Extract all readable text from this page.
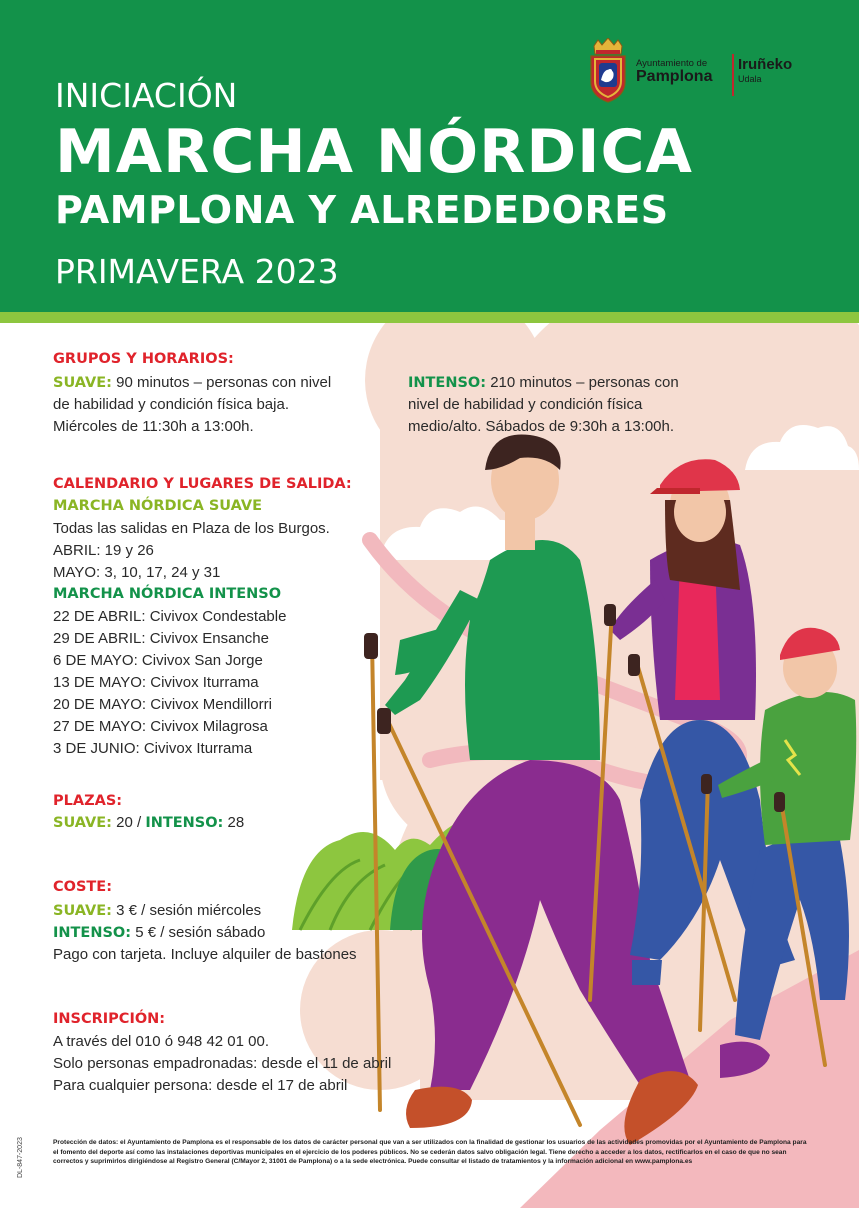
INICIACIÓN
MARCHA NÓRDICA
PAMPLONA Y ALREDEDORES
PRIMAVERA 2023
Ayuntamiento de
Pamplona
Iruñeko
Udala
GRUPOS Y HORARIOS:
SUAVE: 90 minutos – personas con nivel
de habilidad y condición física baja.
Miércoles de 11:30h a 13:00h.
INTENSO: 210 minutos – personas con
nivel de habilidad y condición física
medio/alto. Sábados de 9:30h a 13:00h.
CALENDARIO Y LUGARES DE SALIDA:
MARCHA NÓRDICA SUAVE
Todas las salidas en Plaza de los Burgos.
ABRIL: 19 y 26
MAYO: 3, 10, 17, 24 y 31
MARCHA NÓRDICA INTENSO
22 DE ABRIL: Civivox Condestable
29 DE ABRIL: Civivox Ensanche
6 DE MAYO: Civivox San Jorge
13 DE MAYO: Civivox Iturrama
20 DE MAYO: Civivox Mendillorri
27 DE MAYO: Civivox Milagrosa
3 DE JUNIO: Civivox Iturrama
PLAZAS:
SUAVE: 20 / INTENSO: 28
COSTE:
SUAVE: 3 € / sesión miércoles
INTENSO: 5 € / sesión sábado
Pago con tarjeta. Incluye alquiler de bastones
INSCRIPCIÓN:
A través del 010 ó 948 42 01 00.
Solo personas empadronadas: desde el 11 de abril
Para cualquier persona: desde el 17 de abril
Protección de datos: el Ayuntamiento de Pamplona es el responsable de los datos de carácter personal que van a ser utilizados con la finalidad de gestionar los usuarios de las actividades promovidas por el Ayuntamiento de Pamplona para el fomento del deporte así como las instalaciones deportivas municipales en el ejercicio de los poderes públicos. No se cederán datos salvo obligación legal. Tiene derecho a acceder a los datos, rectificarlos en el caso de que no sean correctos y suprimirlos dirigiéndose al Registro General (C/Mayor 2, 31001 de Pamplona) o a la sede electrónica. Puede consultar el listado de tratamientos y la información adicional en www.pamplona.es
DL-847-2023
